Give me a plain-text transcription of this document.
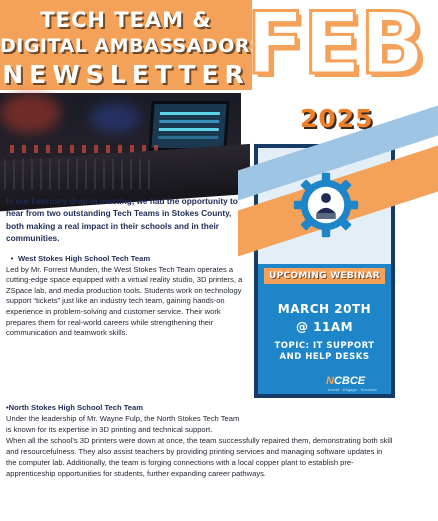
TECH TEAM &
DIGITAL AMBASSADORS
NEWSLETTER
FEB
2025
In our February drop-in meeting, we had the opportunity to hear from two outstanding Tech Teams in Stokes County, both making a real impact in their schools and in their communities.
• West Stokes High School Tech Team

Led by Mr. Forrest Munden, the West Stokes Tech Team operates a cutting-edge space equipped with a virtual reality studio, 3D printers, a ZSpace lab, and media production tools. Students work on technology support “tickets” just like an industry tech team, gaining hands-on experience in problem-solving and customer service. Their work prepares them for real-world careers while strengthening their communication and teamwork skills.

•North Stokes High School Tech Team
Under the leadership of Mr. Wayne Fulp, the North Stokes Tech Team is known for its expertise in 3D printing and technical support.
When all the school’s 3D printers were down at once, the team successfully repaired them, demonstrating both skill and resourcefulness. They also assist teachers by providing printing services and managing software updates in the computer lab. Additionally, the team is forging connections with a local copper plant to establish pre-apprenticeship opportunities for students, further expanding career pathways.
UPCOMING WEBINAR
MARCH 20TH
@ 11AM
TOPIC: IT SUPPORT
AND HELP DESKS
NCBCE
Invest · Engage · Succeed
